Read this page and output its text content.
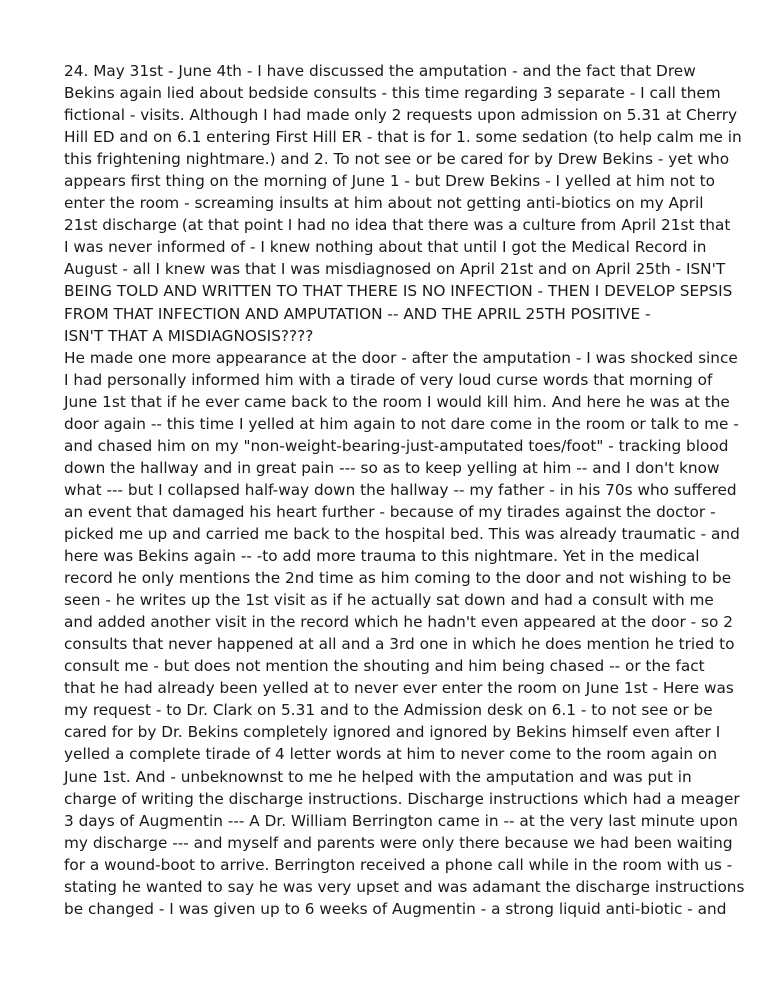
24. May 31st - June 4th - I have discussed the amputation - and the fact that Drew
Bekins again lied about bedside consults - this time regarding 3 separate - I call them
fictional - visits. Although I had made only 2 requests upon admission on 5.31 at Cherry
Hill ED and on 6.1 entering First Hill ER - that is for 1. some sedation (to help calm me in
this frightening nightmare.) and 2. To not see or be cared for by Drew Bekins - yet who
appears first thing on the morning of June 1 - but Drew Bekins - I yelled at him not to
enter the room - screaming insults at him about not getting anti-biotics on my April
21st discharge (at that point I had no idea that there was a culture from April 21st that
I was never informed of - I knew nothing about that until I got the Medical Record in
August - all I knew was that I was misdiagnosed on April 21st and on April 25th - ISN'T
BEING TOLD AND WRITTEN TO THAT THERE IS NO INFECTION - THEN I DEVELOP SEPSIS
FROM THAT INFECTION AND AMPUTATION -- AND THE APRIL 25TH POSITIVE -
ISN'T THAT A MISDIAGNOSIS????
He made one more appearance at the door - after the amputation - I was shocked since
I had personally informed him with a tirade of very loud curse words that morning of
June 1st that if he ever came back to the room I would kill him. And here he was at the
door again -- this time I yelled at him again to not dare come in the room or talk to me -
and chased him on my "non-weight-bearing-just-amputated toes/foot" - tracking blood
down the hallway and in great pain --- so as to keep yelling at him -- and I don't know
what --- but I collapsed half-way down the hallway -- my father - in his 70s who suffered
an event that damaged his heart further - because of my tirades against the doctor -
picked me up and carried me back to the hospital bed. This was already traumatic - and
here was Bekins again -- -to add more trauma to this nightmare. Yet in the medical
record he only mentions the 2nd time as him coming to the door and not wishing to be
seen - he writes up the 1st visit as if he actually sat down and had a consult with me
and added another visit in the record which he hadn't even appeared at the door - so 2
consults that never happened at all and a 3rd one in which he does mention he tried to
consult me - but does not mention the shouting and him being chased -- or the fact
that he had already been yelled at to never ever enter the room on June 1st - Here was
my request - to Dr. Clark on 5.31 and to the Admission desk on 6.1 - to not see or be
cared for by Dr. Bekins completely ignored and ignored by Bekins himself even after I
yelled a complete tirade of 4 letter words at him to never come to the room again on
June 1st. And - unbeknownst to me he helped with the amputation and was put in
charge of writing the discharge instructions. Discharge instructions which had a meager
3 days of Augmentin --- A Dr. William Berrington came in -- at the very last minute upon
my discharge --- and myself and parents were only there because we had been waiting
for a wound-boot to arrive. Berrington received a phone call while in the room with us -
stating he wanted to say he was very upset and was adamant the discharge instructions
be changed - I was given up to 6 weeks of Augmentin - a strong liquid anti-biotic - and
